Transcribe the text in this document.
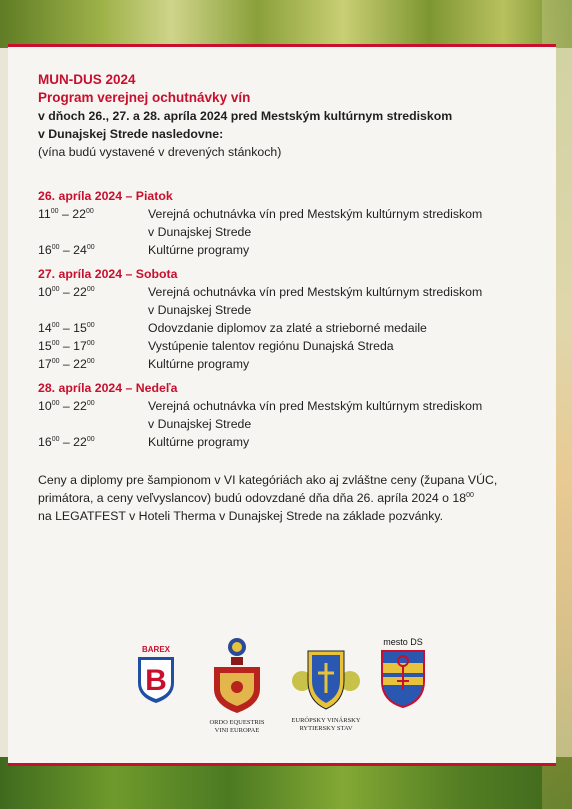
MUN-DUS 2024
Program verejnej ochutnávky vín
v dňoch 26., 27. a 28. apríla 2024 pred Mestským kultúrnym strediskom
v Dunajskej Strede nasledovne:
(vína budú vystavené v drevených stánkoch)
26. apríla 2024 – Piatok
$11^{00} - 22^{00}$	Verejná ochutnávka vín pred Mestským kultúrnym strediskom
v Dunajskej Strede
$16^{00} - 24^{00}$	Kultúrne programy
27. apríla 2024 – Sobota
$10^{00} - 22^{00}$	Verejná ochutnávka vín pred Mestským kultúrnym strediskom
v Dunajskej Strede
$14^{00} - 15^{00}$	Odovzdanie diplomov za zlaté a strieborné medaile
$15^{00} - 17^{00}$	Vystúpenie talentov regiónu Dunajská Streda
$17^{00} - 22^{00}$	Kultúrne programy
28. apríla 2024 – Nedeľa
$10^{00} - 22^{00}$	Verejná ochutnávka vín pred Mestským kultúrnym strediskom
v Dunajskej Strede
$16^{00} - 22^{00}$	Kultúrne programy
Ceny a diplomy pre šampionom v VI kategóriách ako aj zvláštne ceny (županа VÚC,
primátora, a ceny veľvyslancov) budú odovzdané dňa dňa 26. apríla 2024 o $18^{00}$
na LEGATFEST v Hoteli Therma v Dunajskej Strede na základe pozvánky.
BAREX
B
ORDO EQUESTRIS VINI EUROPAE
EURÓPSKY VINÁRSKY RYTIERSKY STAV
mesto DS
